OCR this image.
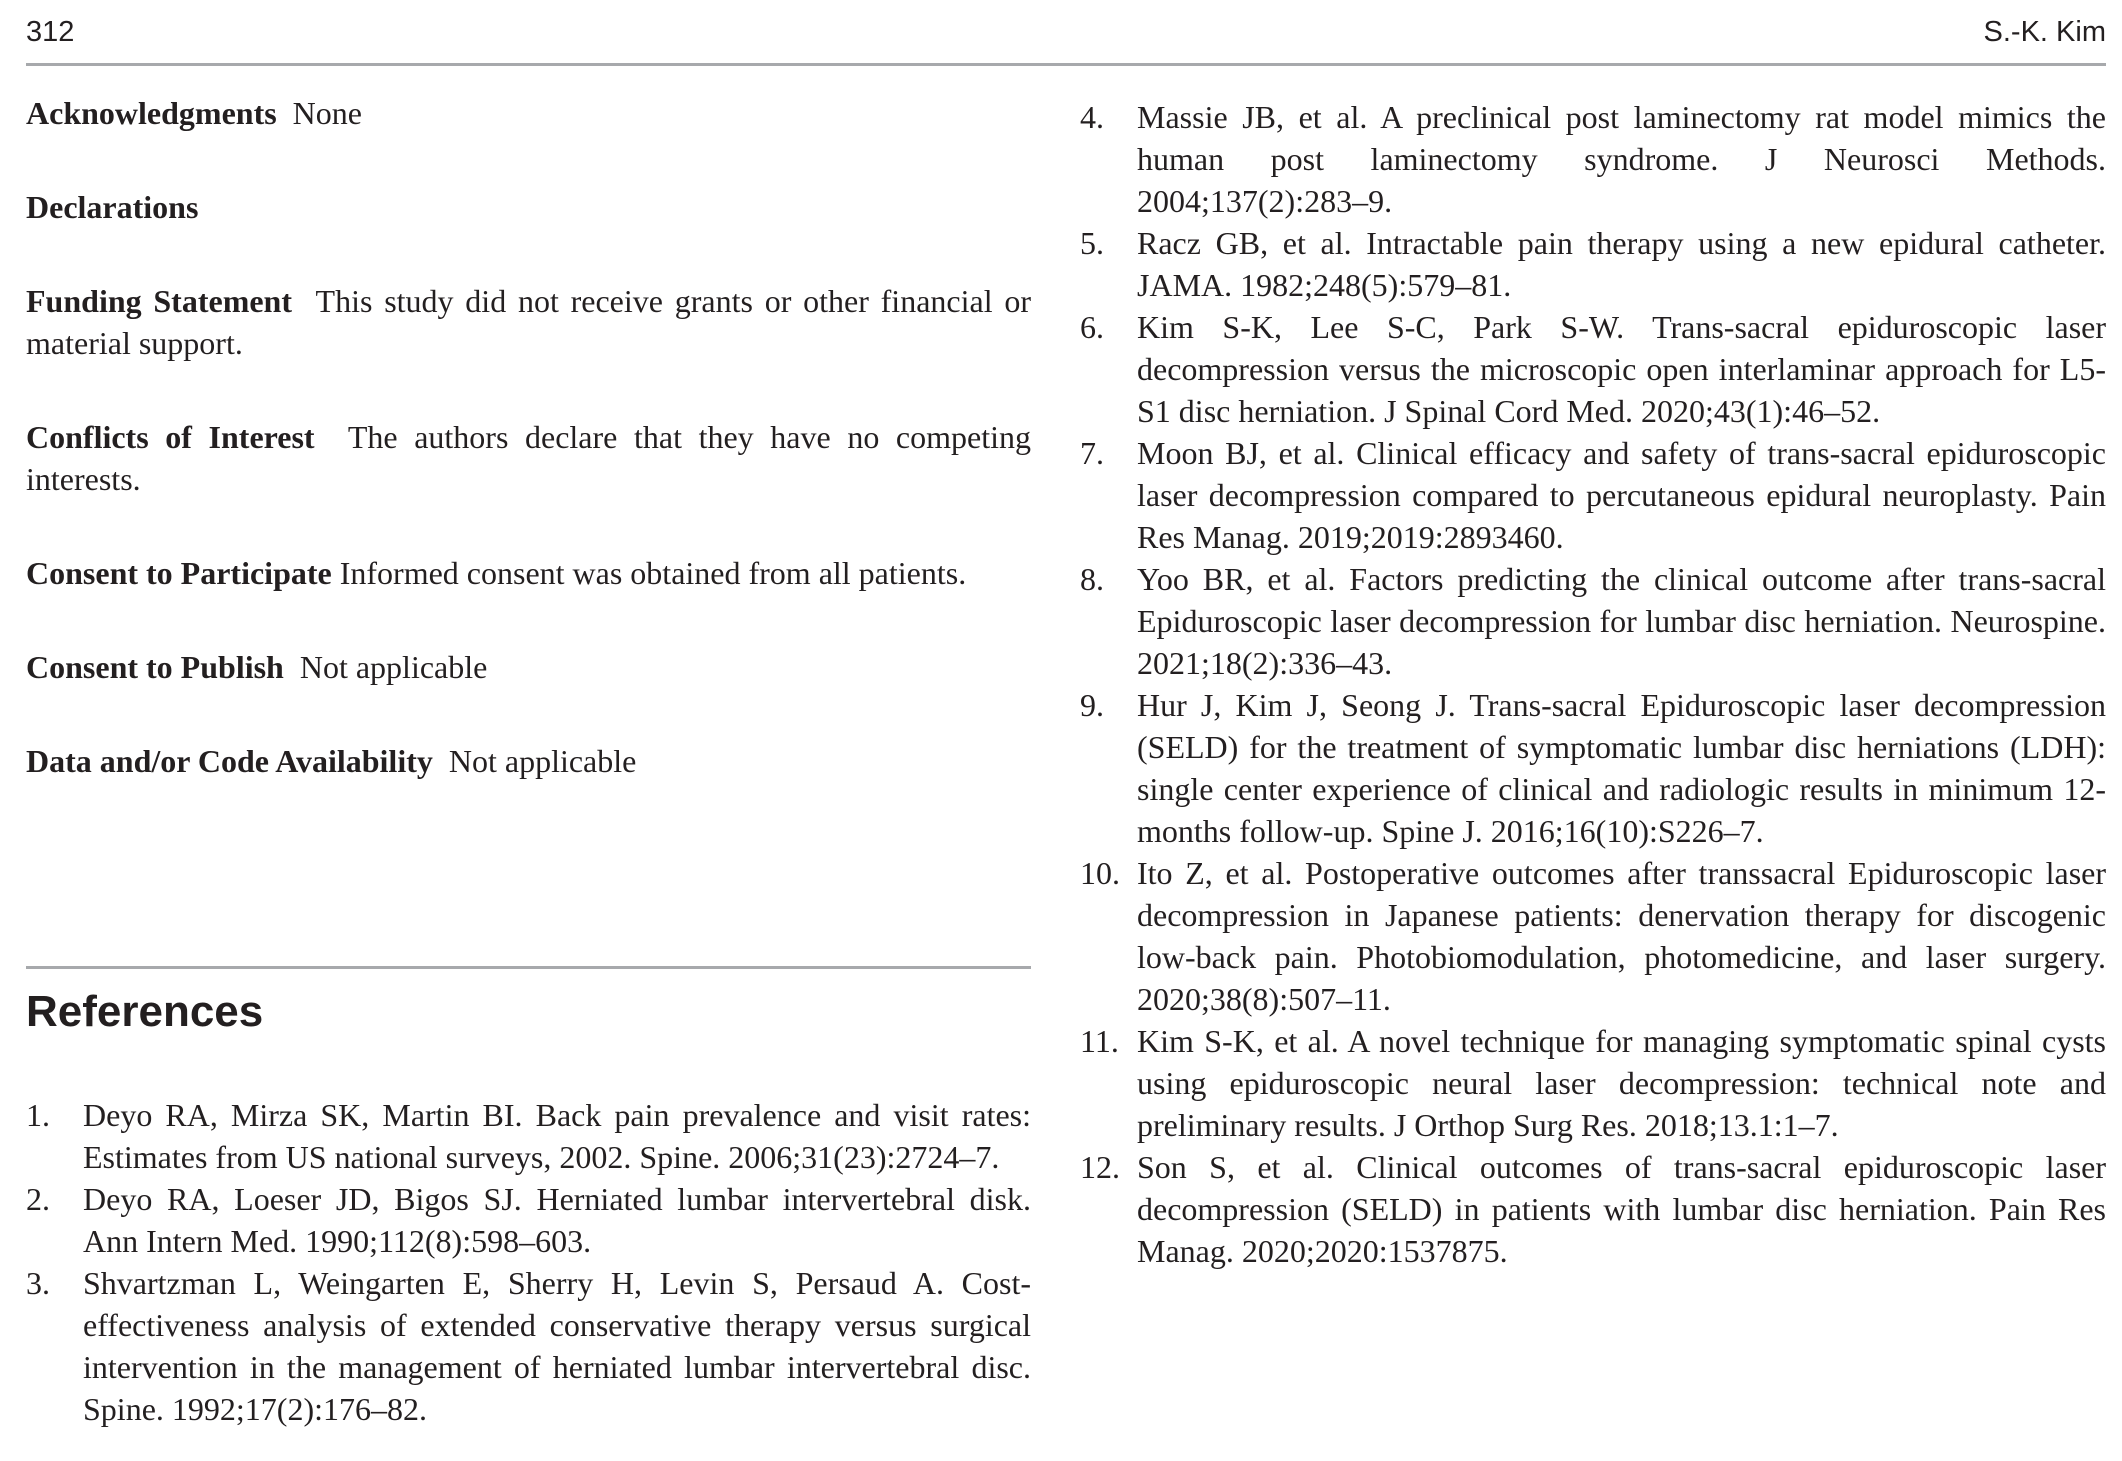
312	S.-K. Kim

Acknowledgments None

Declarations

Funding Statement This study did not receive grants or other financial or material support.

Conflicts of Interest The authors declare that they have no competing interests.

Consent to Participate Informed consent was obtained from all patients.

Consent to Publish Not applicable

Data and/or Code Availability Not applicable

References
1.	Deyo RA, Mirza SK, Martin BI. Back pain prevalence and visit rates: Estimates from US national surveys, 2002. Spine. 2006;31(23):2724–7.
2.	Deyo RA, Loeser JD, Bigos SJ. Herniated lumbar intervertebral disk. Ann Intern Med. 1990;112(8):598–603.
3.	Shvartzman L, Weingarten E, Sherry H, Levin S, Persaud A. Cost-effectiveness analysis of extended conservative therapy versus surgical intervention in the management of herniated lumbar intervertebral disc. Spine. 1992;17(2):176–82.
4.	Massie JB, et al. A preclinical post laminectomy rat model mimics the human post laminectomy syndrome. J Neurosci Methods. 2004;137(2):283–9.
5.	Racz GB, et al. Intractable pain therapy using a new epidural catheter. JAMA. 1982;248(5):579–81.
6.	Kim S-K, Lee S-C, Park S-W. Trans-sacral epiduroscopic laser decompression versus the microscopic open interlaminar approach for L5-S1 disc herniation. J Spinal Cord Med. 2020;43(1):46–52.
7.	Moon BJ, et al. Clinical efficacy and safety of trans-sacral epiduroscopic laser decompression compared to percutaneous epidural neuroplasty. Pain Res Manag. 2019;2019:2893460.
8.	Yoo BR, et al. Factors predicting the clinical outcome after trans-sacral Epiduroscopic laser decompression for lumbar disc herniation. Neurospine. 2021;18(2):336–43.
9.	Hur J, Kim J, Seong J. Trans-sacral Epiduroscopic laser decompression (SELD) for the treatment of symptomatic lumbar disc herniations (LDH): single center experience of clinical and radiologic results in minimum 12-months follow-up. Spine J. 2016;16(10):S226–7.
10. Ito Z, et al. Postoperative outcomes after transsacral Epiduroscopic laser decompression in Japanese patients: denervation therapy for discogenic low-back pain. Photobiomodulation, photomedicine, and laser surgery. 2020;38(8):507–11.
11. Kim S-K, et al. A novel technique for managing symptomatic spinal cysts using epiduroscopic neural laser decompression: technical note and preliminary results. J Orthop Surg Res. 2018;13.1:1–7.
12. Son S, et al. Clinical outcomes of trans-sacral epiduroscopic laser decompression (SELD) in patients with lumbar disc herniation. Pain Res Manag. 2020;2020:1537875.
